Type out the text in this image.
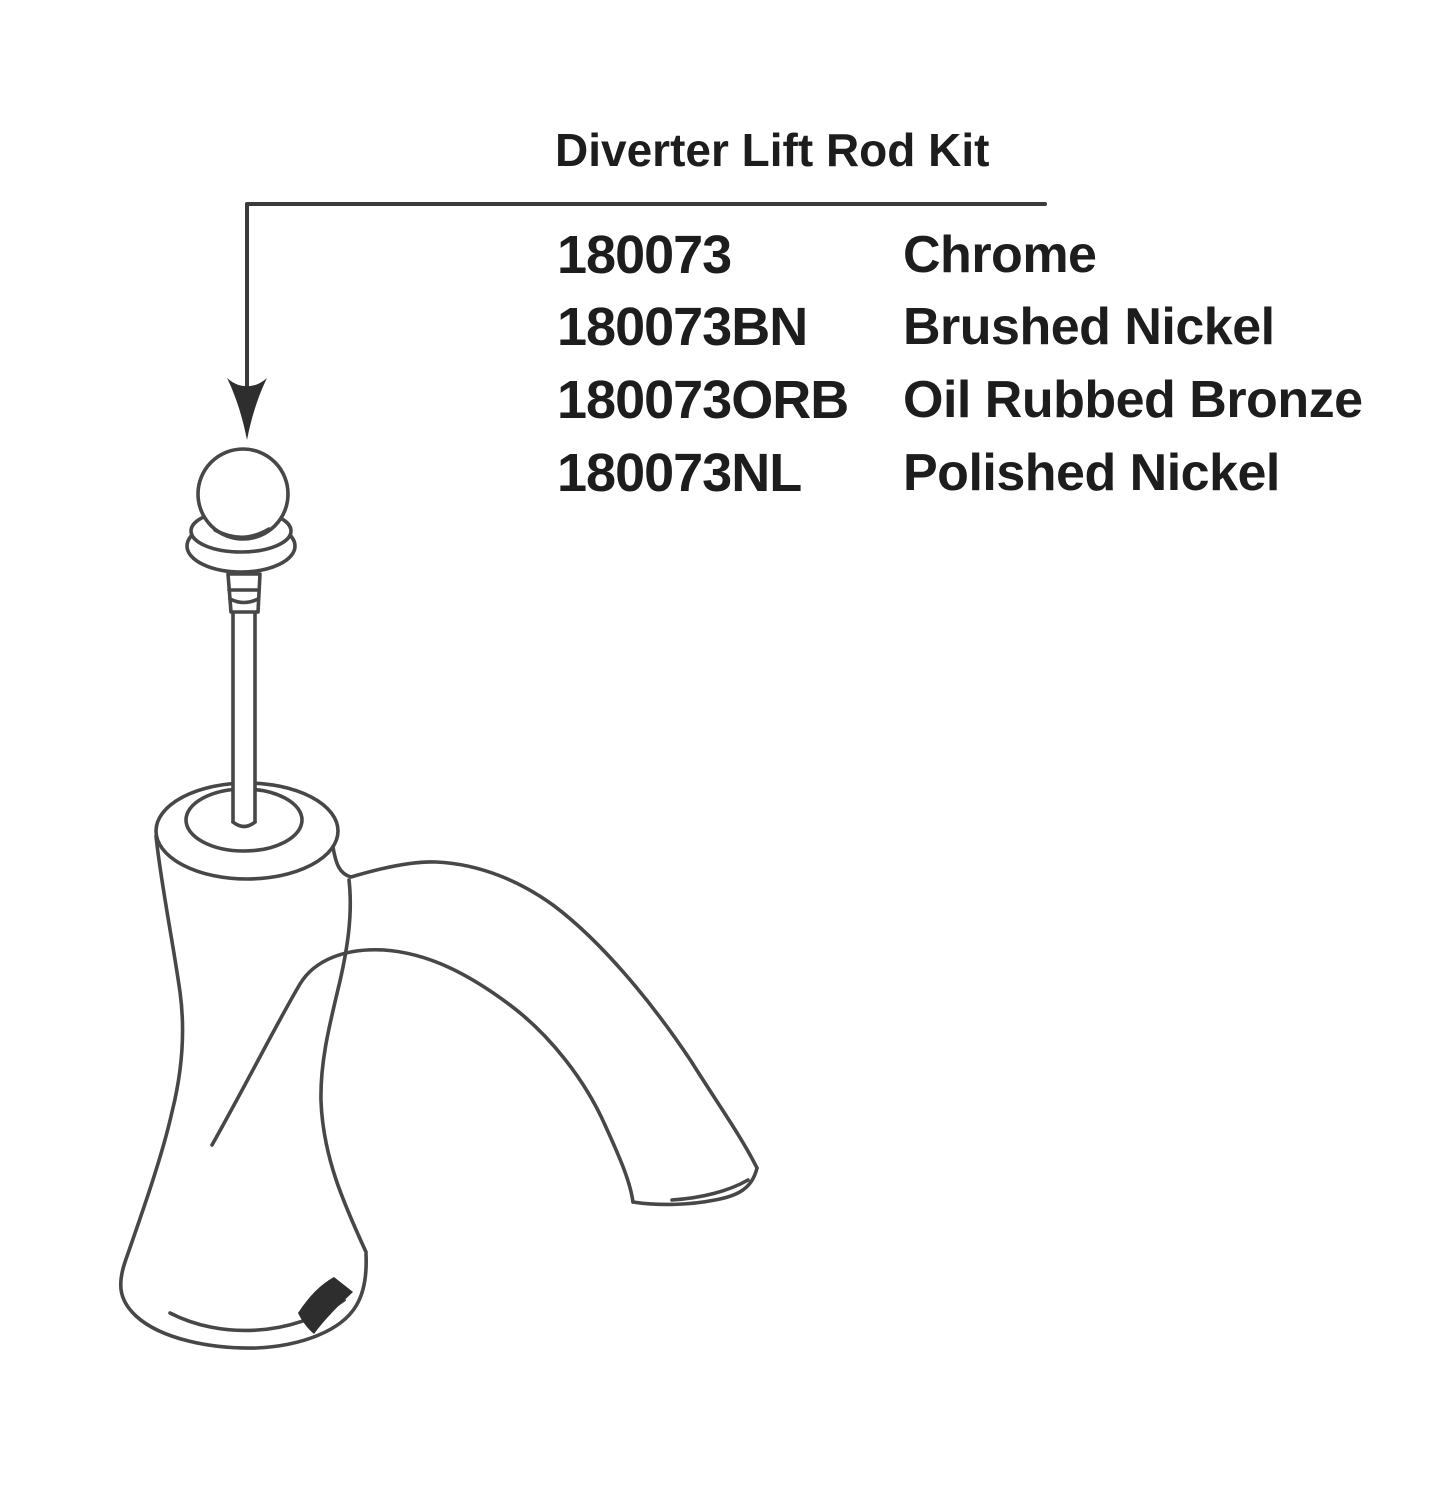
Diverter Lift Rod Kit
180073	Chrome
180073BN Brushed Nickel
180073ORB Oil Rubbed Bronze
180073NL Polished Nickel
